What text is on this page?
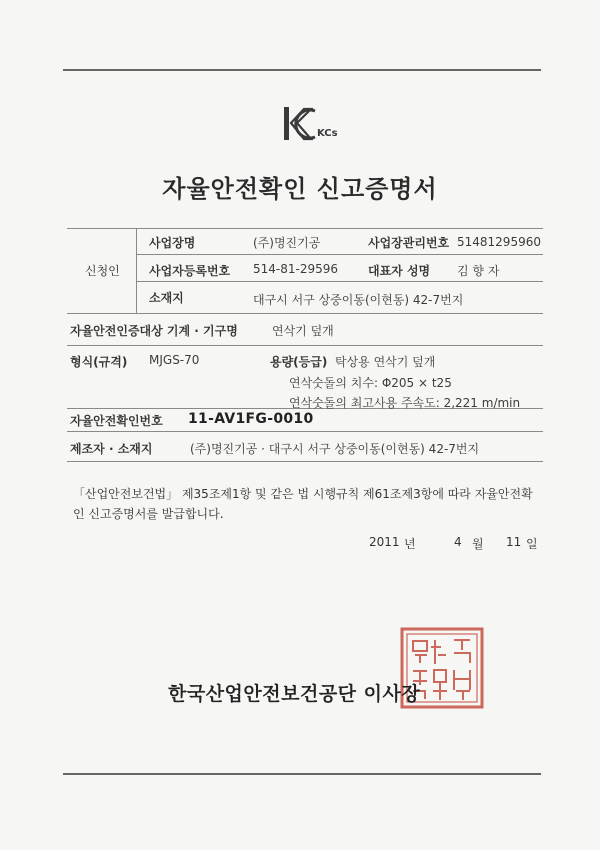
KCs
자율안전확인 신고증명서
신청인
사업장명	(주)명진기공	사업장관리번호 51481295960
사업자등록번호 514-81-29596 대표자 성명 김 향 자
소재지	대구시 서구 상중이동(이현동) 42-7번지
자율안전인증대상 기계 · 기구명	연삭기 덮개
형식(규격) MJGS-70	용량(등급) 탁상용 연삭기 덮개
연삭숫돌의 치수: Φ205 × t25
연삭숫돌의 최고사용 주속도: 2,221 m/min
자율안전확인번호 11-AV1FG-0010
제조자 · 소재지	(주)명진기공 · 대구시 서구 상중이동(이현동) 42-7번지
「산업안전보건법」 제35조제1항 및 같은 법 시행규칙 제61조제3항에 따라 자율안전확인 신고증명서를 발급합니다.
2011 년	4 월 11 일
한국산업안전보건공단 이사장
